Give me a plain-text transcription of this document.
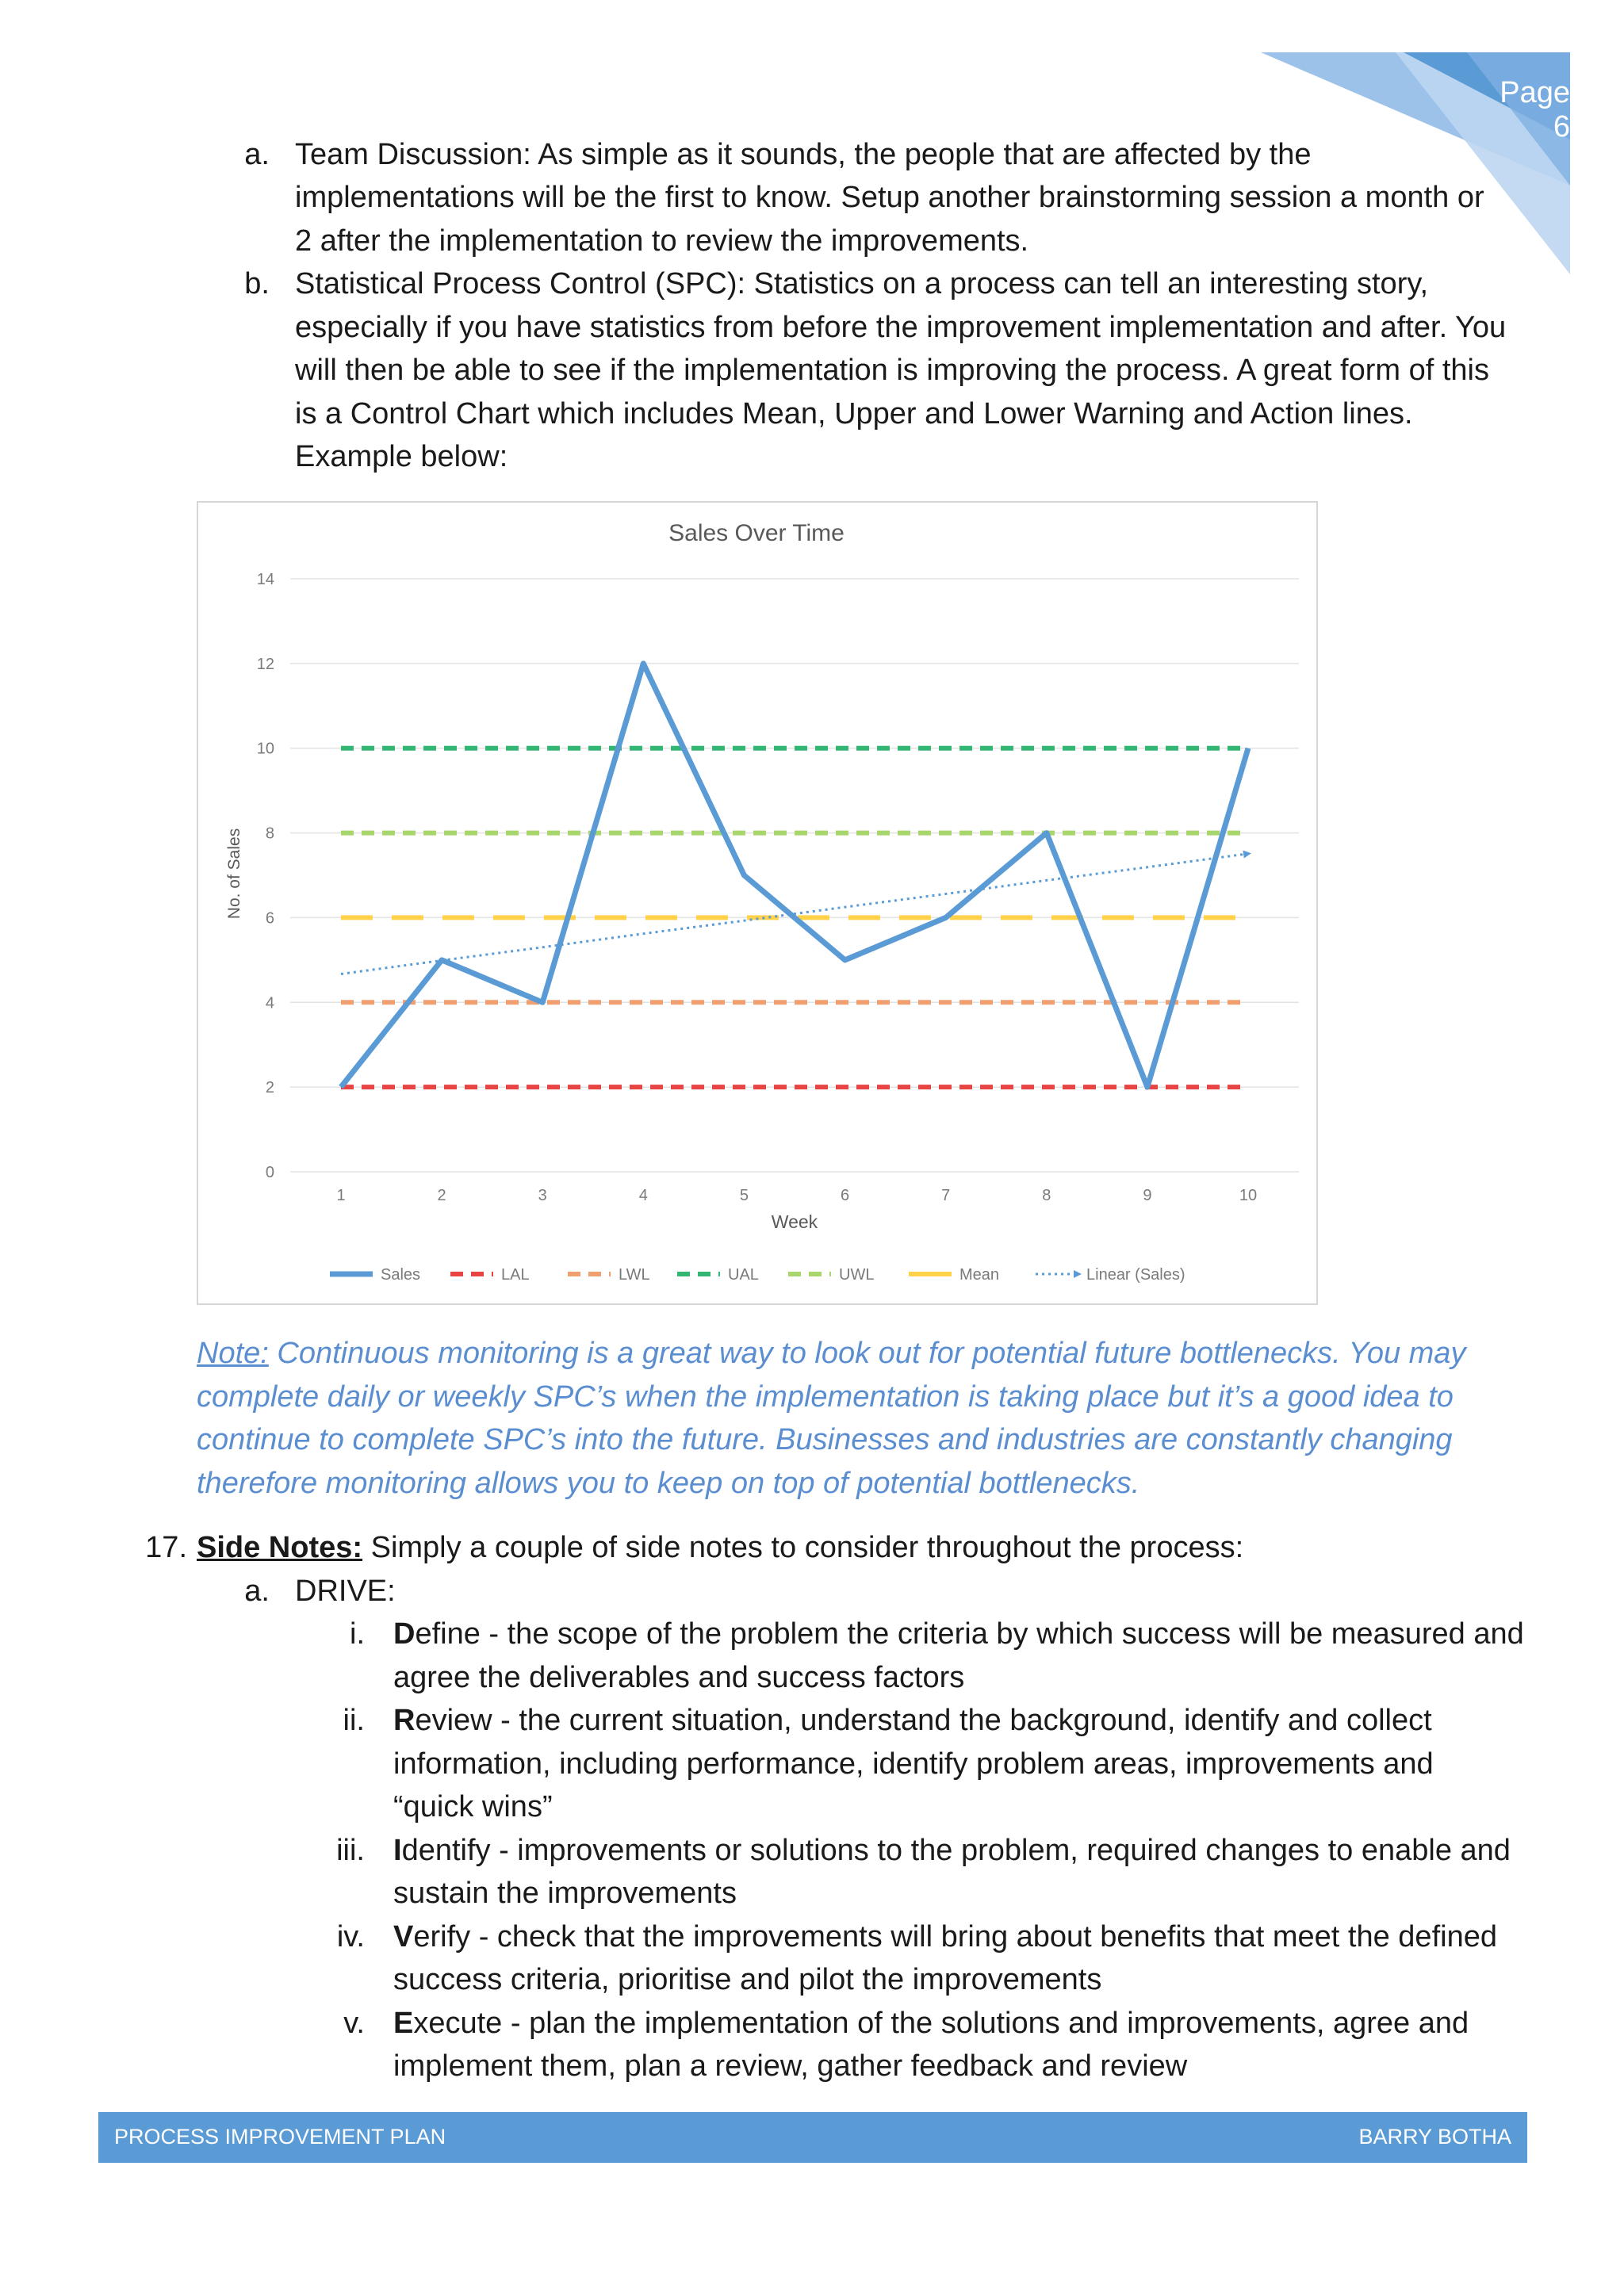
Page 6
a. Team Discussion: As simple as it sounds, the people that are affected by the
implementations will be the first to know. Setup another brainstorming session a month or
2 after the implementation to review the improvements.
b. Statistical Process Control (SPC): Statistics on a process can tell an interesting story,
especially if you have statistics from before the improvement implementation and after. You
will then be able to see if the implementation is improving the process. A great form of this
is a Control Chart which includes Mean, Upper and Lower Warning and Action lines.
Example below:
Sales Over Time
No. of Sales
Week
0
2
4
6
8
10
12
14
1	2	3	4	5	6	7	8	9	10
Sales	LAL	LWL	UAL	UWL	Mean	Linear (Sales)
Note: Continuous monitoring is a great way to look out for potential future bottlenecks. You may complete daily or weekly SPC’s when the implementation is taking place but it’s a good idea to continue to complete SPC’s into the future. Businesses and industries are constantly changing therefore monitoring allows you to keep on top of potential bottlenecks.
17. Side Notes: Simply a couple of side notes to consider throughout the process:
a. DRIVE:
i. Define - the scope of the problem the criteria by which success will be measured and
agree the deliverables and success factors
ii. Review - the current situation, understand the background, identify and collect
information, including performance, identify problem areas, improvements and
“quick wins”
iii. Identify - improvements or solutions to the problem, required changes to enable and
sustain the improvements
iv. Verify - check that the improvements will bring about benefits that meet the defined
success criteria, prioritise and pilot the improvements
v. Execute - plan the implementation of the solutions and improvements, agree and
implement them, plan a review, gather feedback and review
PROCESS IMPROVEMENT PLAN	BARRY BOTHA
